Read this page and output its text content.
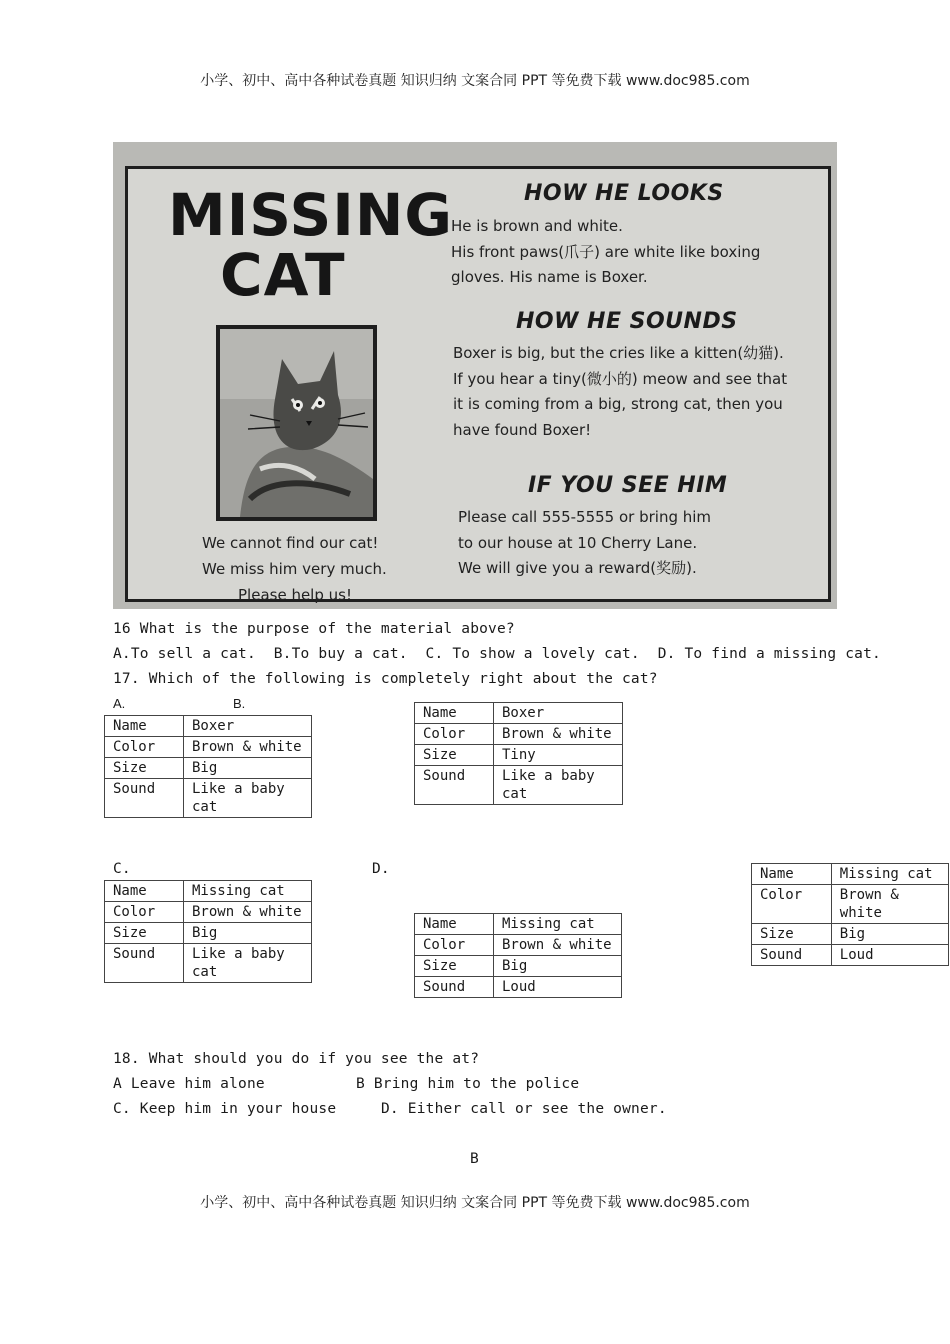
小学、初中、高中各种试卷真题 知识归纳 文案合同 PPT 等免费下载 www.doc985.com
MISSING
CAT
HOW HE LOOKS
He is brown and white.
His front paws(爪子) are white like boxing
gloves. His name is Boxer.
HOW HE SOUNDS
Boxer is big, but the cries like a kitten(幼猫).
If you hear a tiny(微小的) meow and see that
it is coming from a big, strong cat, then you
have found Boxer!
IF YOU SEE HIM
Please call 555-5555 or bring him
to our house at 10 Cherry Lane.
We will give you a reward(奖励).
We cannot find our cat!
We miss him very much.
Please help us!
16 What is the purpose of the material above?
A.To sell a cat.  B.To buy a cat.  C. To show a lovely cat.  D. To find a missing cat.
17. Which of the following is completely right about the cat?
A.	B.
Name	Boxer
Color	Brown & white
Size	Big
Sound	Like a baby cat
Name	Boxer
Color	Brown & white
Size	Tiny
Sound	Like a baby cat
C.	D.
Name	Missing cat
Color	Brown & white
Size	Big
Sound	Like a baby cat
Name	Missing cat
Color	Brown & white
Size	Big
Sound	Loud
Name	Missing cat
Color	Brown & white
Size	Big
Sound	Loud
18. What should you do if you see the at?
A Leave him alone	B Bring him to the police
C. Keep him in your house	D. Either call or see the owner.
B
小学、初中、高中各种试卷真题 知识归纳 文案合同 PPT 等免费下载 www.doc985.com
